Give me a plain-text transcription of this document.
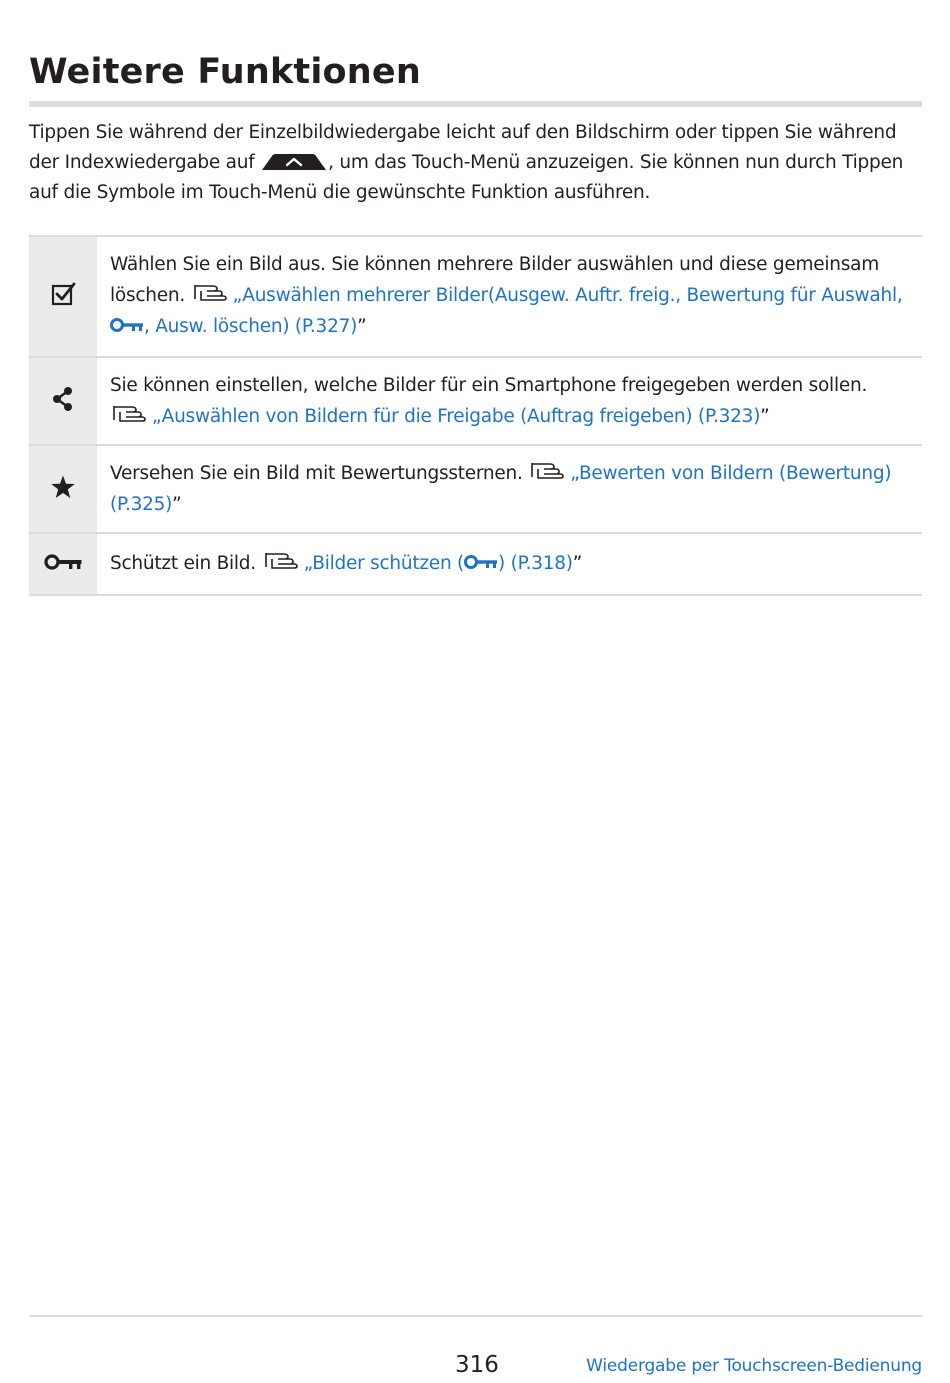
Weitere Funktionen

Tippen Sie während der Einzelbildwiedergabe leicht auf den Bildschirm oder tippen Sie während der Indexwiedergabe auf	, um das Touch-Menü anzuzeigen. Sie können nun durch Tippen auf die Symbole im Touch-Menü die gewünschte Funktion ausführen.

Wählen Sie ein Bild aus. Sie können mehrere Bilder auswählen und diese gemeinsam löschen. „Auswählen mehrerer Bilder(Ausgew. Auftr. freig., Bewertung für Auswahl, , Ausw. löschen) (P.327)”
Sie können einstellen, welche Bilder für ein Smartphone freigegeben werden sollen. „Auswählen von Bildern für die Freigabe (Auftrag freigeben) (P.323)”
Versehen Sie ein Bild mit Bewertungssternen. „Bewerten von Bildern (Bewertung) (P.325)”
Schützt ein Bild. „Bilder schützen ( ) (P.318)”
316	Wiedergabe per Touchscreen-Bedienung
